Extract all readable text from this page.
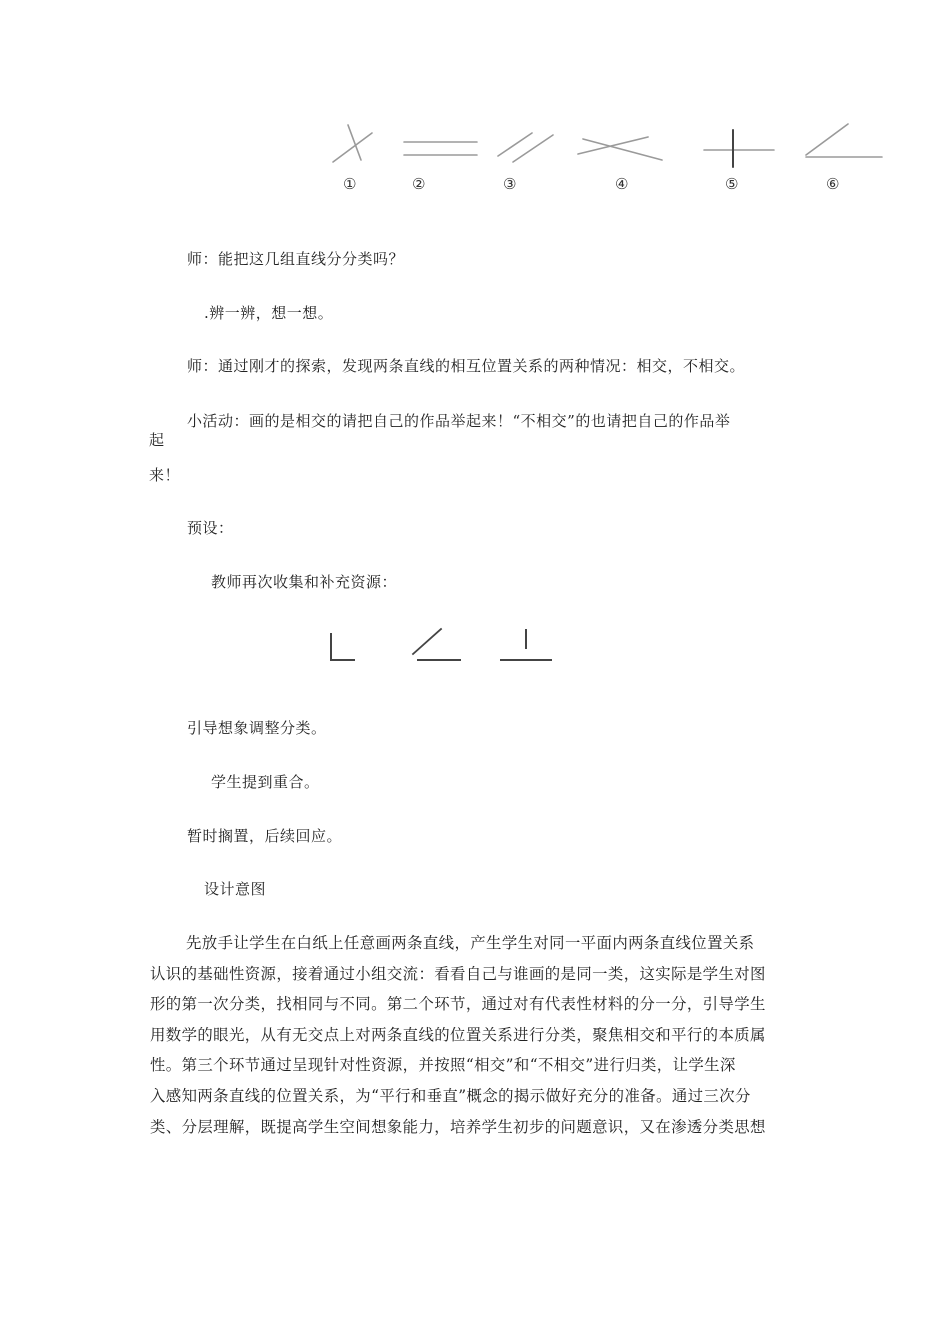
①	②	③	④	⑤	⑥
师：能把这几组直线分分类吗？
.辨一辨，想一想。
师：通过刚才的探索，发现两条直线的相互位置关系的两种情况：相交，不相交。
小活动：画的是相交的请把自己的作品举起来！“不相交”的也请把自己的作品举
起
来！
预设：
教师再次收集和补充资源：
引导想象调整分类。
学生提到重合。
暂时搁置，后续回应。
设计意图
先放手让学生在白纸上任意画两条直线，产生学生对同一平面内两条直线位置关系
认识的基础性资源，接着通过小组交流：看看自己与谁画的是同一类，这实际是学生对图
形的第一次分类，找相同与不同。第二个环节，通过对有代表性材料的分一分，引导学生
用数学的眼光，从有无交点上对两条直线的位置关系进行分类，聚焦相交和平行的本质属
性。第三个环节通过呈现针对性资源，并按照“相交”和“不相交”进行归类，让学生深
入感知两条直线的位置关系，为“平行和垂直”概念的揭示做好充分的准备。通过三次分
类、分层理解，既提高学生空间想象能力，培养学生初步的问题意识，又在渗透分类思想
